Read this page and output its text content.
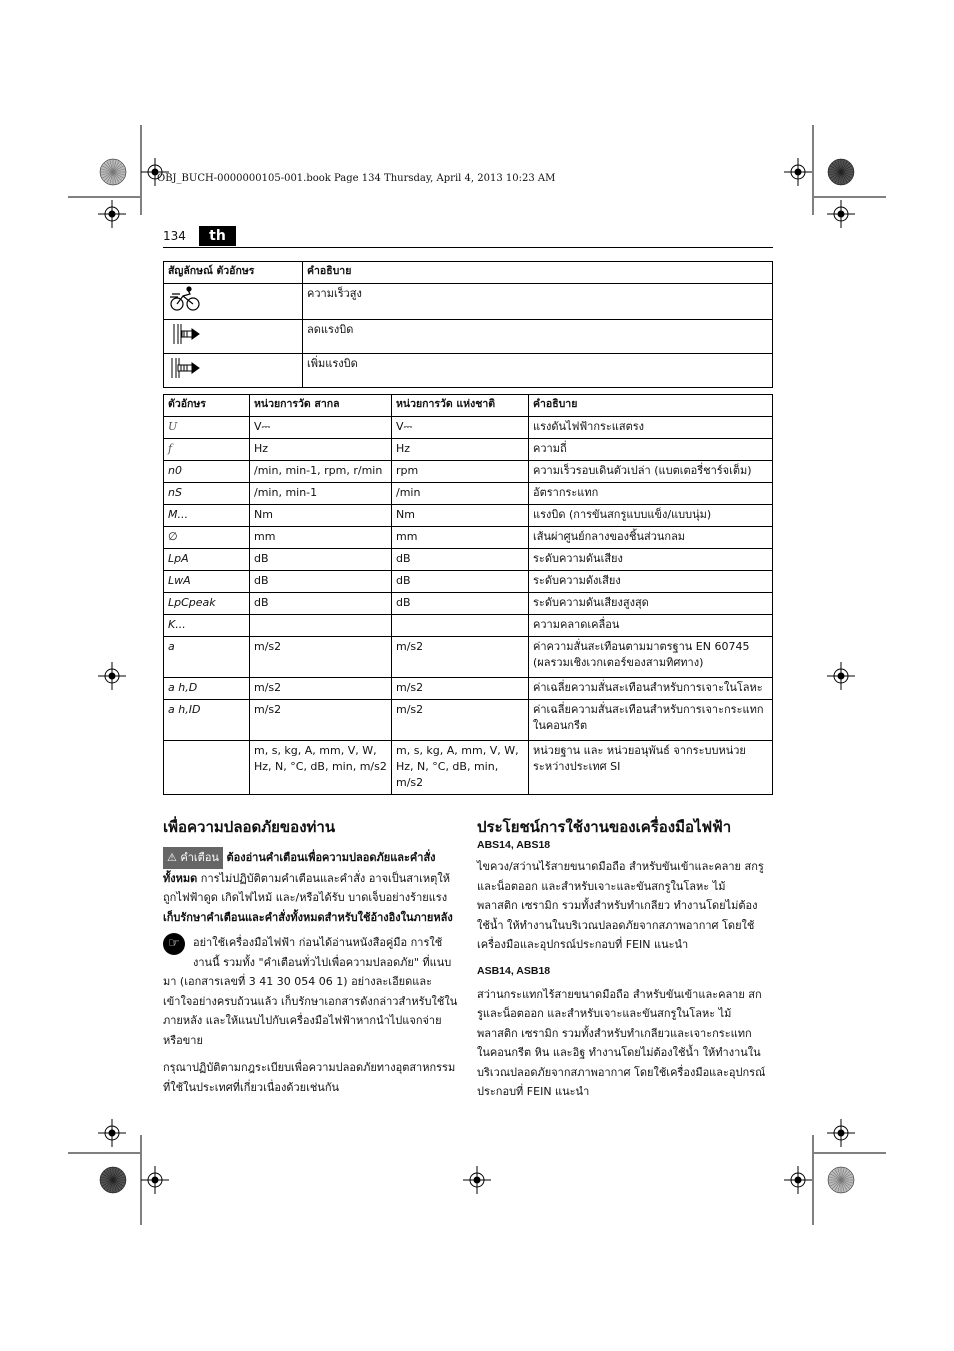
OBJ_BUCH-0000000105-001.book Page 134 Thursday, April 4, 2013 10:23 AM
134	th
สัญลักษณ์ ตัวอักษร	คำอธิบาย
	ความเร็วสูง
	ลดแรงบิด
	เพิ่มแรงบิด
ตัวอักษร	หน่วยการวัด สากล	หน่วยการวัด แห่งชาติ	คำอธิบาย
U	V⎓	V⎓	แรงดันไฟฟ้ากระแสตรง
f	Hz	Hz	ความถี่
n0	/min, min-1, rpm, r/min	rpm	ความเร็วรอบเดินตัวเปล่า (แบตเตอรี่ชาร์จเต็ม)
nS	/min, min-1	/min	อัตรากระแทก
M...	Nm	Nm	แรงบิด (การขันสกรูแบบแข็ง/แบบนุ่ม)
∅	mm	mm	เส้นผ่าศูนย์กลางของชิ้นส่วนกลม
LpA	dB	dB	ระดับความดันเสียง
LwA	dB	dB	ระดับความดังเสียง
LpCpeak	dB	dB	ระดับความดันเสียงสูงสุด
K...			ความคลาดเคลื่อน
a	m/s2	m/s2	ค่าความสั่นสะเทือนตามมาตรฐาน EN 60745 (ผลรวมเชิงเวกเตอร์ของสามทิศทาง)
a h,D	m/s2	m/s2	ค่าเฉลี่ยความสั่นสะเทือนสำหรับการเจาะในโลหะ
a h,ID	m/s2	m/s2	ค่าเฉลี่ยความสั่นสะเทือนสำหรับการเจาะกระแทก ในคอนกรีต
	m, s, kg, A, mm, V, W, Hz, N, °C, dB, min, m/s2	m, s, kg, A, mm, V, W, Hz, N, °C, dB, min, m/s2	หน่วยฐาน และ หน่วยอนุพันธ์ จากระบบหน่วยระหว่างประเทศ SI
เพื่อความปลอดภัยของท่าน
⚠ คำเตือน ต้องอ่านคำเตือนเพื่อความปลอดภัยและคำสั่ง ทั้งหมด การไม่ปฏิบัติตามคำเตือนและคำสั่ง อาจเป็นสาเหตุให้ถูกไฟฟ้าดูด เกิดไฟไหม้ และ/หรือได้รับ บาดเจ็บอย่างร้ายแรง

เก็บรักษาคำเตือนและคำสั่งทั้งหมดสำหรับใช้อ้างอิงในภายหลัง

☞	อย่าใช้เครื่องมือไฟฟ้า ก่อนได้อ่านหนังสือคู่มือ การใช้งานนี้ รวมทั้ง "คำเตือนทั่วไปเพื่อความปลอดภัย" ที่แนบมา (เอกสารเลขที่ 3 41 30 054 06 1) อย่างละเอียดและ เข้าใจอย่างครบถ้วนแล้ว เก็บรักษาเอกสารดังกล่าวสำหรับใช้ใน ภายหลัง และให้แนบไปกับเครื่องมือไฟฟ้าหากนำไปแจกจ่าย หรือขาย

กรุณาปฏิบัติตามกฎระเบียบเพื่อความปลอดภัยทางอุตสาหกรรม ที่ใช้ในประเทศที่เกี่ยวเนื่องด้วยเช่นกัน

ประโยชน์การใช้งานของเครื่องมือไฟฟ้า
ABS14, ABS18

ไขควง/สว่านไร้สายขนาดมือถือ สำหรับขันเข้าและคลาย สกรูและน็อตออก และสำหรับเจาะและขันสกรูในโลหะ ไม้ พลาสติก เซรามิก รวมทั้งสำหรับทำเกลียว ทำงานโดยไม่ต้อง ใช้น้ำ ให้ทำงานในบริเวณปลอดภัยจากสภาพอากาศ โดยใช้ เครื่องมือและอุปกรณ์ประกอบที่ FEIN แนะนำ

ASB14, ASB18

สว่านกระแทกไร้สายขนาดมือถือ สำหรับขันเข้าและคลาย สกรูและน็อตออก และสำหรับเจาะและขันสกรูในโลหะ ไม้ พลาสติก เซรามิก รวมทั้งสำหรับทำเกลียวและเจาะกระแทก ในคอนกรีต หิน และอิฐ ทำงานโดยไม่ต้องใช้น้ำ ให้ทำงานใน บริเวณปลอดภัยจากสภาพอากาศ โดยใช้เครื่องมือและอุปกรณ์ ประกอบที่ FEIN แนะนำ
